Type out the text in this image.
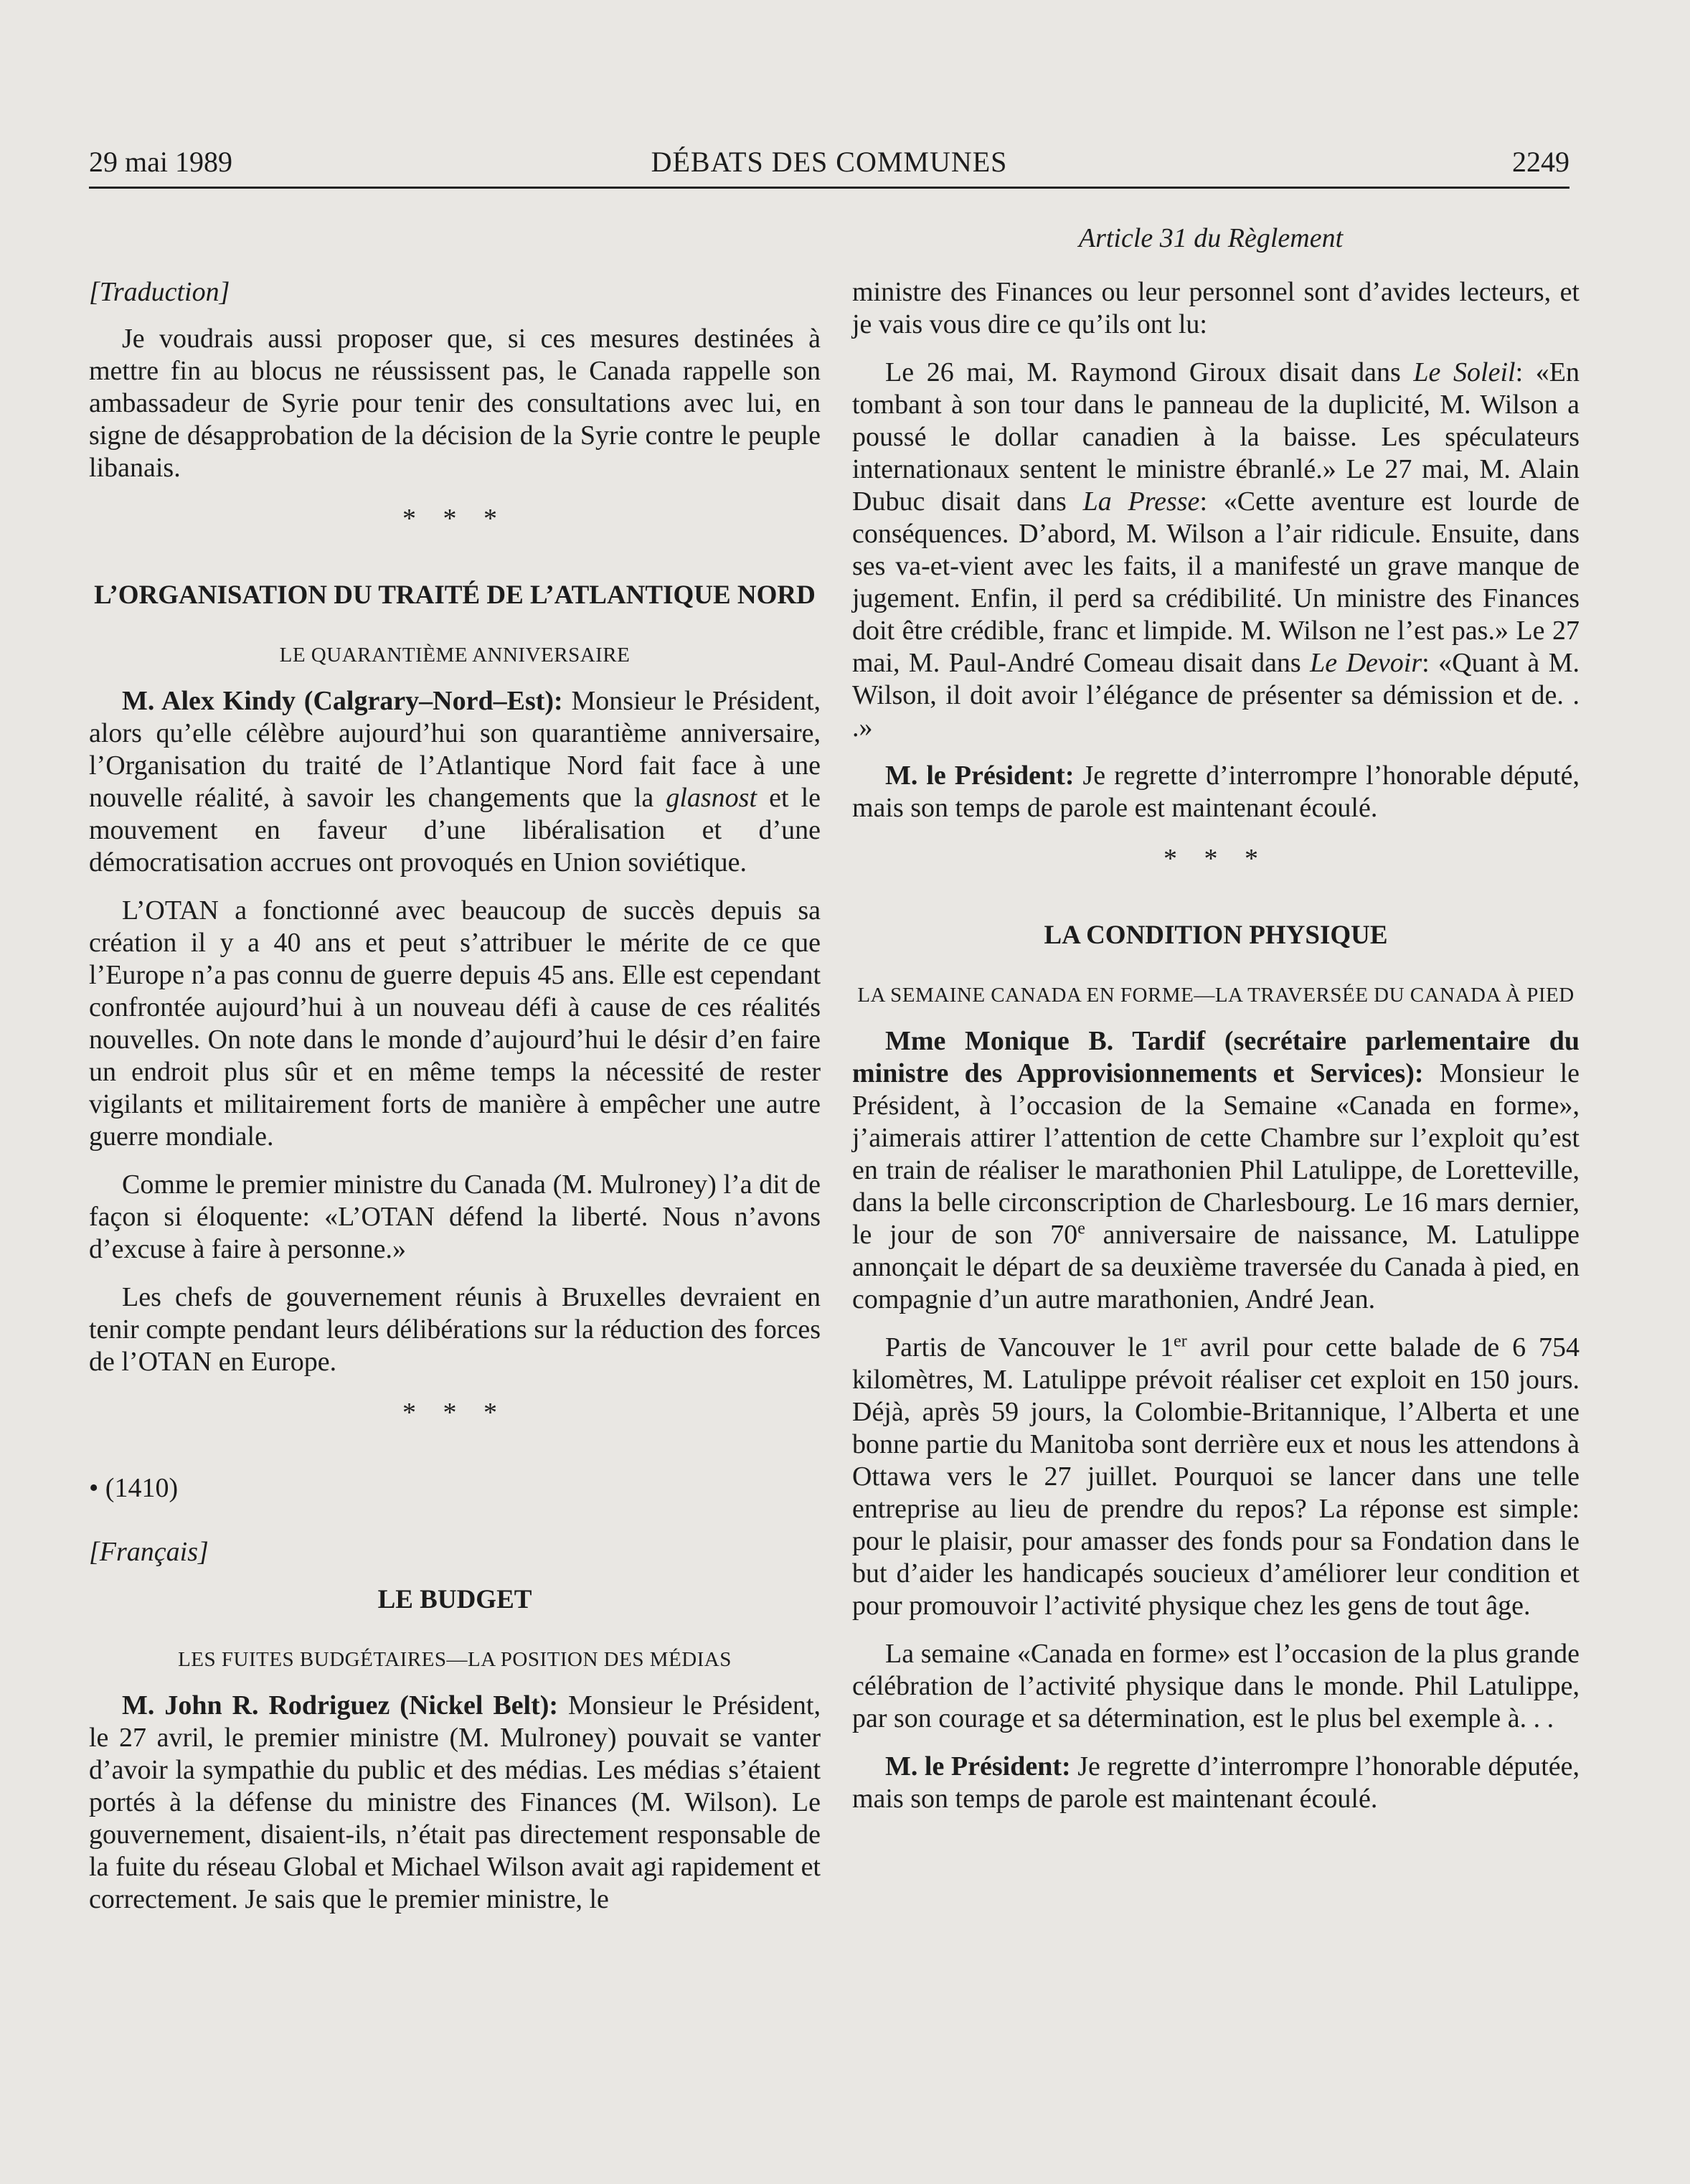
29 mai 1989	DÉBATS DES COMMUNES	2249
Article 31 du Règlement

[Traduction]

Je voudrais aussi proposer que, si ces mesures destinées à mettre fin au blocus ne réussissent pas, le Canada rappelle son ambassadeur de Syrie pour tenir des consultations avec lui, en signe de désapprobation de la décision de la Syrie contre le peuple libanais.

* * *
L’ORGANISATION DU TRAITÉ DE L’ATLANTIQUE NORD
LE QUARANTIÈME ANNIVERSAIRE

M. Alex Kindy (Calgrary–Nord–Est): Monsieur le Président, alors qu’elle célèbre aujourd’hui son quarantième anniversaire, l’Organisation du traité de l’Atlantique Nord fait face à une nouvelle réalité, à savoir les changements que la glasnost et le mouvement en faveur d’une libéralisation et d’une démocratisation accrues ont provoqués en Union soviétique.

L’OTAN a fonctionné avec beaucoup de succès depuis sa création il y a 40 ans et peut s’attribuer le mérite de ce que l’Europe n’a pas connu de guerre depuis 45 ans. Elle est cependant confrontée aujourd’hui à un nouveau défi à cause de ces réalités nouvelles. On note dans le monde d’aujourd’hui le désir d’en faire un endroit plus sûr et en même temps la nécessité de rester vigilants et militairement forts de manière à empêcher une autre guerre mondiale.

Comme le premier ministre du Canada (M. Mulroney) l’a dit de façon si éloquente: «L’OTAN défend la liberté. Nous n’avons d’excuse à faire à personne.»

Les chefs de gouvernement réunis à Bruxelles devraient en tenir compte pendant leurs délibérations sur la réduction des forces de l’OTAN en Europe.

* * *

• (1410)

[Français]

LE BUDGET
LES FUITES BUDGÉTAIRES—LA POSITION DES MÉDIAS

M. John R. Rodriguez (Nickel Belt): Monsieur le Président, le 27 avril, le premier ministre (M. Mulroney) pouvait se vanter d’avoir la sympathie du public et des médias. Les médias s’étaient portés à la défense du ministre des Finances (M. Wilson). Le gouvernement, disaient-ils, n’était pas directement responsable de la fuite du réseau Global et Michael Wilson avait agi rapidement et correctement. Je sais que le premier ministre, le

ministre des Finances ou leur personnel sont d’avides lecteurs, et je vais vous dire ce qu’ils ont lu:

Le 26 mai, M. Raymond Giroux disait dans Le Soleil: «En tombant à son tour dans le panneau de la duplicité, M. Wilson a poussé le dollar canadien à la baisse. Les spéculateurs internationaux sentent le ministre ébranlé.» Le 27 mai, M. Alain Dubuc disait dans La Presse: «Cette aventure est lourde de conséquences. D’abord, M. Wilson a l’air ridicule. Ensuite, dans ses va-et-vient avec les faits, il a manifesté un grave manque de jugement. Enfin, il perd sa crédibilité. Un ministre des Finances doit être crédible, franc et limpide. M. Wilson ne l’est pas.» Le 27 mai, M. Paul-André Comeau disait dans Le Devoir: «Quant à M. Wilson, il doit avoir l’élégance de présenter sa démission et de. . .»

M. le Président: Je regrette d’interrompre l’honorable député, mais son temps de parole est maintenant écoulé.

* * *
LA CONDITION PHYSIQUE
LA SEMAINE CANADA EN FORME—LA TRAVERSÉE DU CANADA À PIED

Mme Monique B. Tardif (secrétaire parlementaire du ministre des Approvisionnements et Services): Monsieur le Président, à l’occasion de la Semaine «Canada en forme», j’aimerais attirer l’attention de cette Chambre sur l’exploit qu’est en train de réaliser le marathonien Phil Latulippe, de Loretteville, dans la belle circonscription de Charlesbourg. Le 16 mars dernier, le jour de son 70e anniversaire de naissance, M. Latulippe annonçait le départ de sa deuxième traversée du Canada à pied, en compagnie d’un autre marathonien, André Jean.

Partis de Vancouver le 1er avril pour cette balade de 6 754 kilomètres, M. Latulippe prévoit réaliser cet exploit en 150 jours. Déjà, après 59 jours, la Colombie-Britannique, l’Alberta et une bonne partie du Manitoba sont derrière eux et nous les attendons à Ottawa vers le 27 juillet. Pourquoi se lancer dans une telle entreprise au lieu de prendre du repos? La réponse est simple: pour le plaisir, pour amasser des fonds pour sa Fondation dans le but d’aider les handicapés soucieux d’améliorer leur condition et pour promouvoir l’activité physique chez les gens de tout âge.

La semaine «Canada en forme» est l’occasion de la plus grande célébration de l’activité physique dans le monde. Phil Latulippe, par son courage et sa détermination, est le plus bel exemple à. . .

M. le Président: Je regrette d’interrompre l’honorable députée, mais son temps de parole est maintenant écoulé.
